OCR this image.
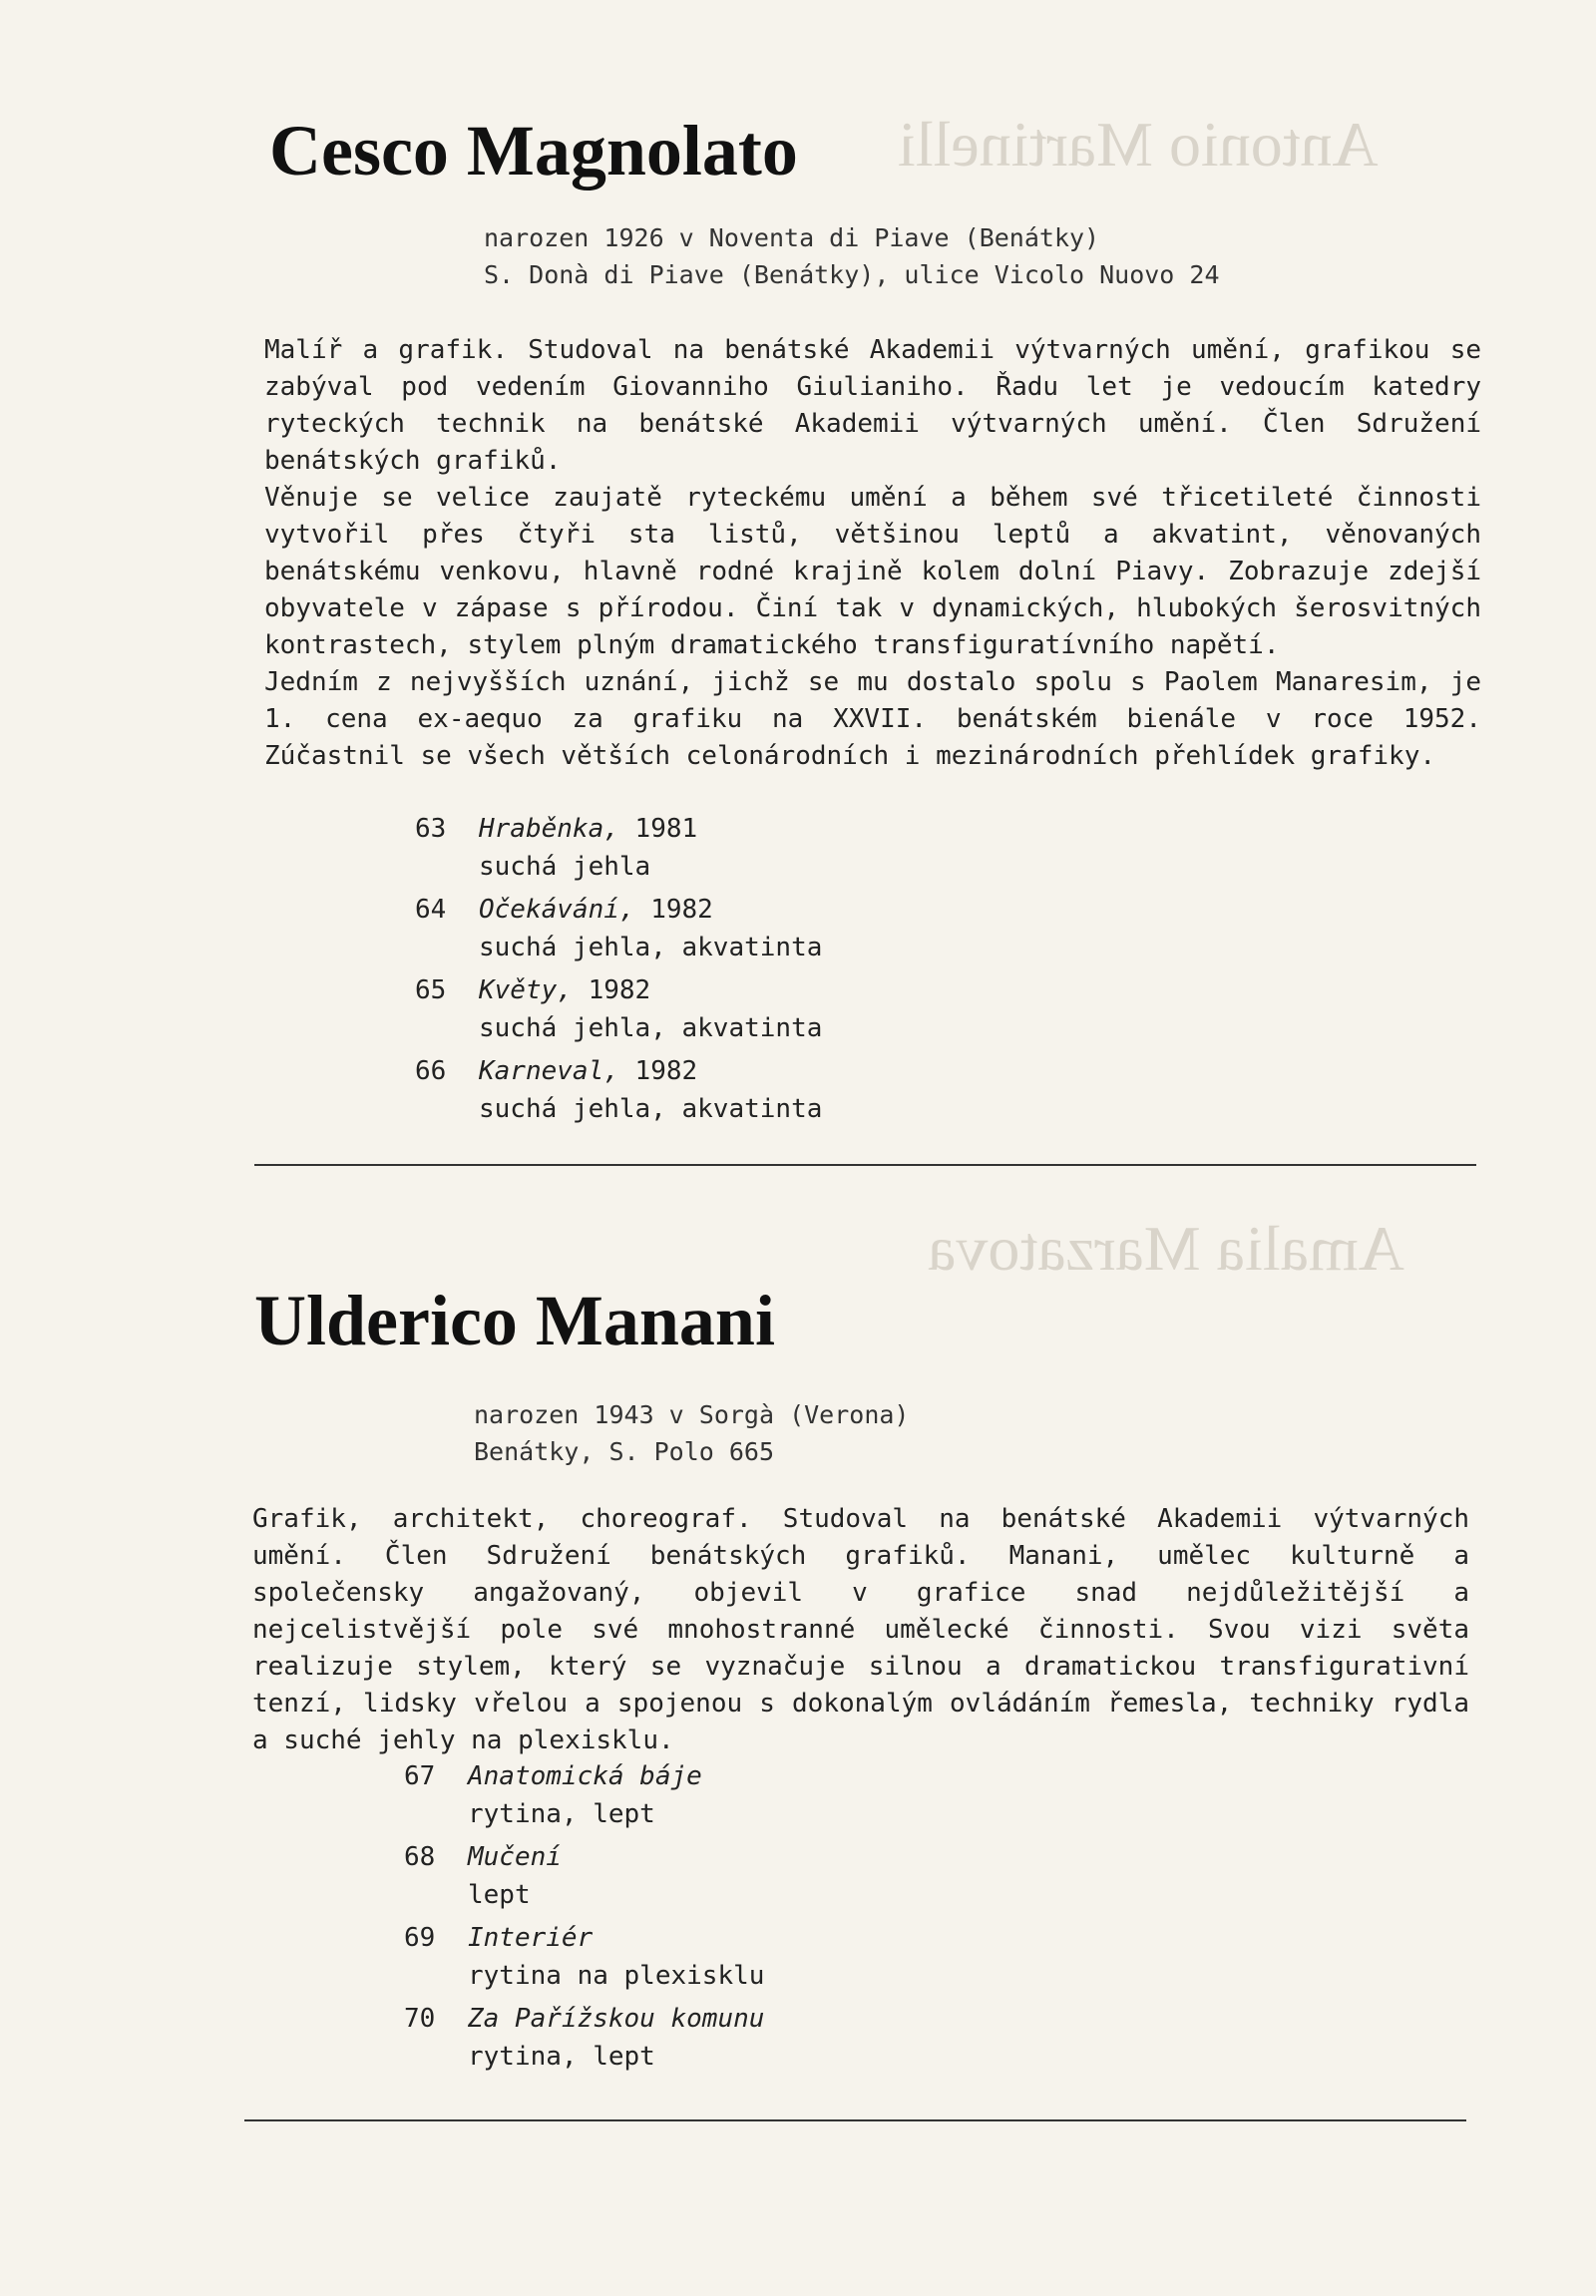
Antonio Martinelli
Amalia Marzatova
Cesco Magnolato
narozen 1926 v Noventa di Piave (Benátky)
S. Donà di Piave (Benátky), ulice Vicolo Nuovo 24

Malíř a grafik. Studoval na benátské Akademii výtvarných umění, grafikou se zabýval pod vedením Giovanniho Giulianiho. Řadu let je vedoucím katedry ryteckých technik na benátské Akademii výtvarných umění. Člen Sdružení benátských grafiků.

Věnuje se velice zaujatě ryteckému umění a během své třicetileté činnosti vytvořil přes čtyři sta listů, většinou leptů a akvatint, věnovaných benátskému venkovu, hlavně rodné krajině kolem dolní Piavy. Zobrazuje zdejší obyvatele v zápase s přírodou. Činí tak v dynamických, hlubokých šerosvitných kontrastech, stylem plným dramatického transfiguratívního napětí.

Jedním z nejvyšších uznání, jichž se mu dostalo spolu s Paolem Manaresim, je 1. cena ex-aequo za grafiku na XXVII. benátském bienále v roce 1952. Zúčastnil se všech větších celonárodních i mezinárodních přehlídek grafiky.

63 Hraběnka, 1981
suchá jehla
64 Očekávání, 1982
suchá jehla, akvatinta
65 Květy, 1982
suchá jehla, akvatinta
66 Karneval, 1982
suchá jehla, akvatinta
Ulderico Manani
narozen 1943 v Sorgà (Verona)
Benátky, S. Polo 665

Grafik, architekt, choreograf. Studoval na benátské Akademii výtvarných umění. Člen Sdružení benátských grafiků. Manani, umělec kulturně a společensky angažovaný, objevil v grafice snad nejdůležitější a nejcelistvější pole své mnohostranné umělecké činnosti. Svou vizi světa realizuje stylem, který se vyznačuje silnou a dramatickou transfigurativní tenzí, lidsky vřelou a spojenou s dokonalým ovládáním řemesla, techniky rydla a suché jehly na plexisklu.

67 Anatomická báje
rytina, lept
68 Mučení
lept
69 Interiér
rytina na plexisklu
70 Za Pařížskou komunu
rytina, lept
